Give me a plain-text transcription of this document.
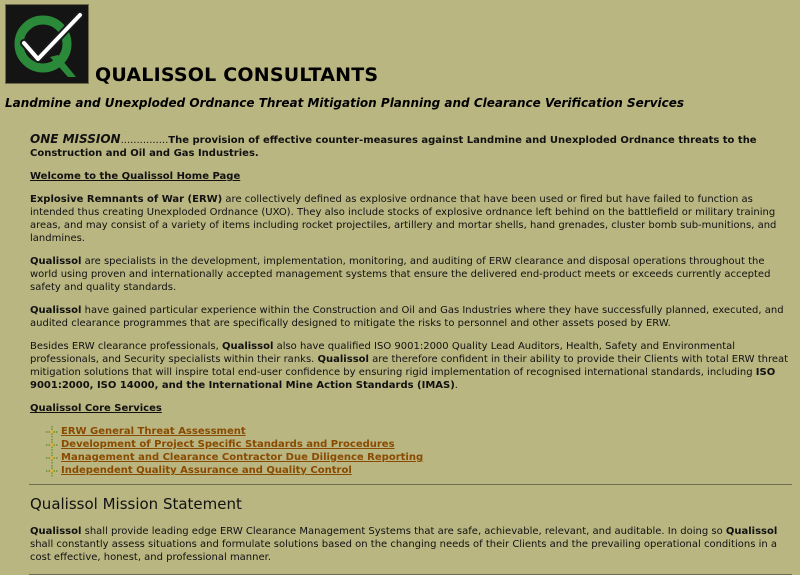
QUALISSOL CONSULTANTS
Landmine and Unexploded Ordnance Threat Mitigation Planning and Clearance Verification Services

ONE MISSION...............The provision of effective counter-measures against Landmine and Unexploded Ordnance threats to the Construction and Oil and Gas Industries.

Welcome to the Qualissol Home Page

Explosive Remnants of War (ERW) are collectively defined as explosive ordnance that have been used or fired but have failed to function as intended thus creating Unexploded Ordnance (UXO). They also include stocks of explosive ordnance left behind on the battlefield or military training areas, and may consist of a variety of items including rocket projectiles, artillery and mortar shells, hand grenades, cluster bomb sub-munitions, and landmines.

Qualissol are specialists in the development, implementation, monitoring, and auditing of ERW clearance and disposal operations throughout the world using proven and internationally accepted management systems that ensure the delivered end-product meets or exceeds currently accepted safety and quality standards.

Qualissol have gained particular experience within the Construction and Oil and Gas Industries where they have successfully planned, executed, and audited clearance programmes that are specifically designed to mitigate the risks to personnel and other assets posed by ERW.

Besides ERW clearance professionals, Qualissol also have qualified ISO 9001:2000 Quality Lead Auditors, Health, Safety and Environmental professionals, and Security specialists within their ranks. Qualissol are therefore confident in their ability to provide their Clients with total ERW threat mitigation solutions that will inspire total end-user confidence by ensuring rigid implementation of recognised international standards, including ISO 9001:2000, ISO 14000, and the International Mine Action Standards (IMAS).

Qualissol Core Services

ERW General Threat Assessment
Development of Project Specific Standards and Procedures
Management and Clearance Contractor Due Diligence Reporting
Independent Quality Assurance and Quality Control
Qualissol Mission Statement

Qualissol shall provide leading edge ERW Clearance Management Systems that are safe, achievable, relevant, and auditable. In doing so Qualissol shall constantly assess situations and formulate solutions based on the changing needs of their Clients and the prevailing operational conditions in a cost effective, honest, and professional manner.
